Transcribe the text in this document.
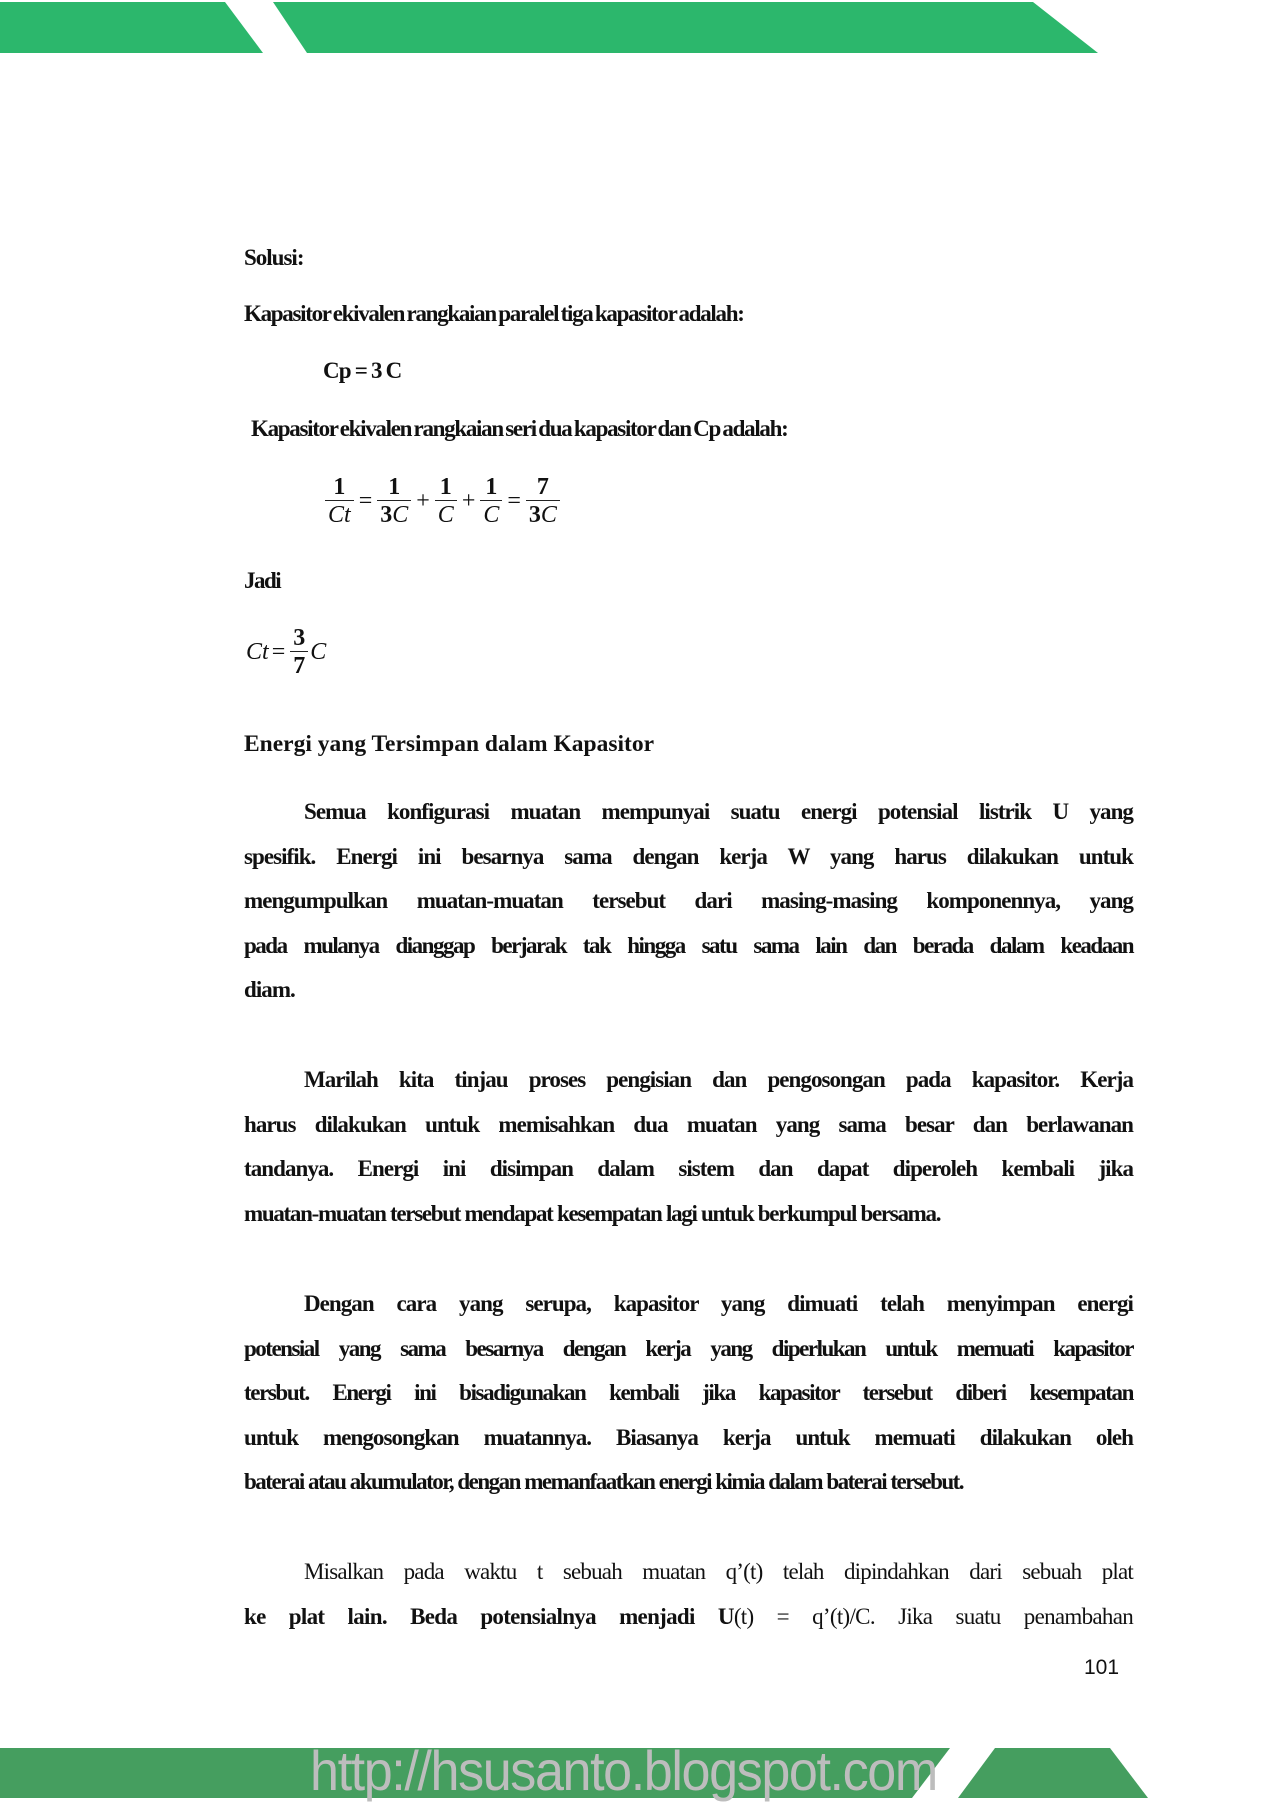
Solusi:
Kapasitor ekivalen rangkaian paralel tiga kapasitor adalah:
Cp = 3 C
Kapasitor ekivalen rangkaian seri dua kapasitor dan Cp adalah:
$\frac{1}{Ct} = \frac{1}{3C} + \frac{1}{C} + \frac{1}{C} = \frac{7}{3C}$
Jadi
$Ct = \frac{3}{7}$ C
Energi yang Tersimpan dalam Kapasitor
Semua konfigurasi muatan mempunyai suatu energi potensial listrik U yang
spesifik. Energi ini besarnya sama dengan kerja W yang harus dilakukan untuk
mengumpulkan muatan-muatan tersebut dari masing-masing komponennya, yang
pada mulanya dianggap berjarak tak hingga satu sama lain dan berada dalam keadaan
diam.
Marilah kita tinjau proses pengisian dan pengosongan pada kapasitor. Kerja
harus dilakukan untuk memisahkan dua muatan yang sama besar dan berlawanan
tandanya. Energi ini disimpan dalam sistem dan dapat diperoleh kembali jika
muatan-muatan tersebut mendapat kesempatan lagi untuk berkumpul bersama.
Dengan cara yang serupa, kapasitor yang dimuati telah menyimpan energi
potensial yang sama besarnya dengan kerja yang diperlukan untuk memuati kapasitor
tersbut. Energi ini bisadigunakan kembali jika kapasitor tersebut diberi kesempatan
untuk mengosongkan muatannya. Biasanya kerja untuk memuati dilakukan oleh
baterai atau akumulator, dengan memanfaatkan energi kimia dalam baterai tersebut.
Misalkan pada waktu t sebuah muatan q’(t) telah dipindahkan dari sebuah plat
ke plat lain. Beda potensialnya menjadi U(t) = q’(t)/C. Jika suatu penambahan
101
http://hsusanto.blogspot.com
